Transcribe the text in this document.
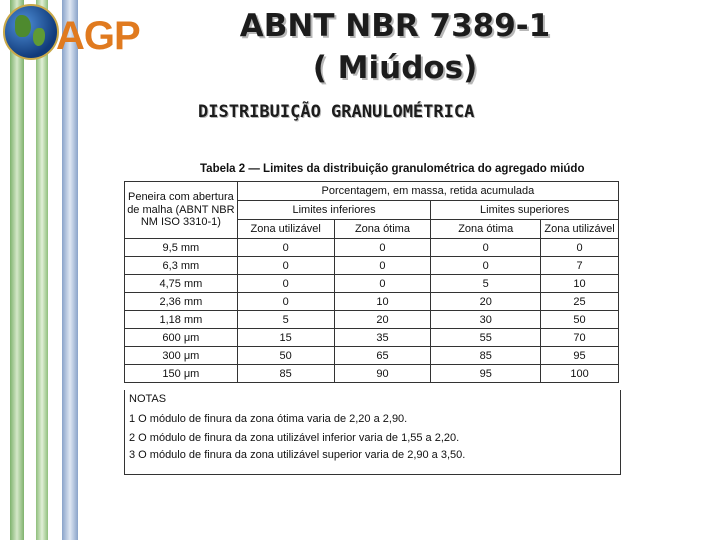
AGP	ABNT NBR 7389-1
( Miúdos)
DISTRIBUIÇÃO GRANULOMÉTRICA
Tabela 2 — Limites da distribuição granulométrica do agregado miúdo
Peneira com abertura de malha (ABNT NBR NM ISO 3310-1)	Porcentagem, em massa, retida acumulada			
	Limites inferiores		Limites superiores	
	Zona utilizável	Zona ótima	Zona ótima	Zona utilizável
9,5 mm	0	0	0	0
6,3 mm	0	0	0	7
4,75 mm	0	0	5	10
2,36 mm	0	10	20	25
1,18 mm	5	20	30	50
600 μm	15	35	55	70
300 μm	50	65	85	95
150 μm	85	90	95	100
NOTAS
1 O módulo de finura da zona ótima varia de 2,20 a 2,90.
2 O módulo de finura da zona utilizável inferior varia de 1,55 a 2,20.
3 O módulo de finura da zona utilizável superior varia de 2,90 a 3,50.
